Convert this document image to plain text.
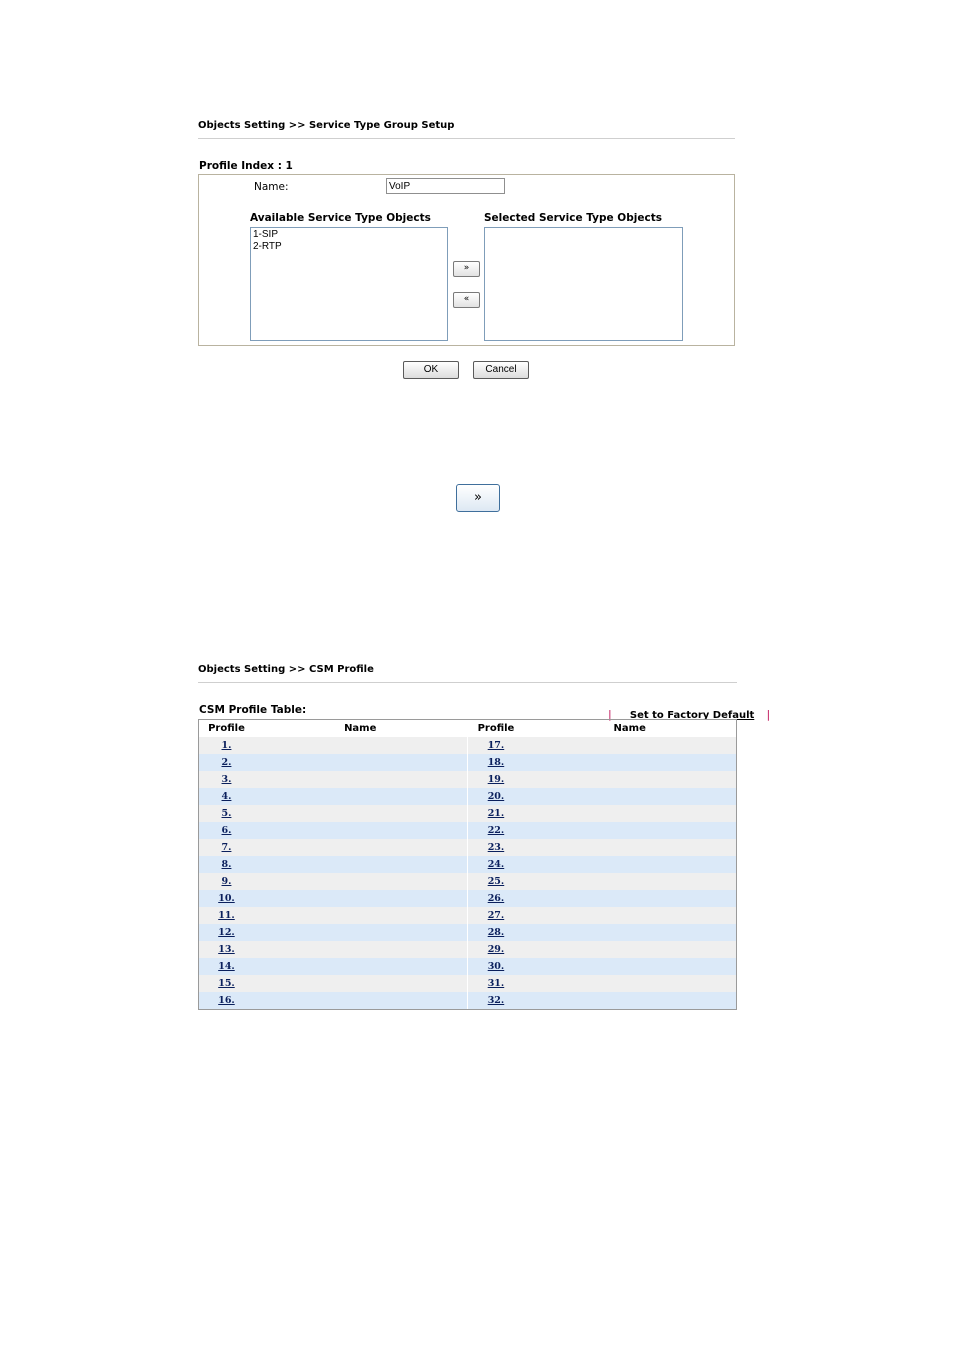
Objects Setting >> Service Type Group Setup
Profile Index : 1
Name:
VoIP
Available Service Type Objects	Selected Service Type Objects
1-SIP
2-RTP
»
«
OK	Cancel
»
Objects Setting >> CSM Profile
CSM Profile Table:	| Set to Factory Default |
Profile	Name		Profile	Name
1.			17.	
2.			18.	
3.			19.	
4.			20.	
5.			21.	
6.			22.	
7.			23.	
8.			24.	
9.			25.	
10.			26.	
11.			27.	
12.			28.	
13.			29.	
14.			30.	
15.			31.	
16.			32.	
